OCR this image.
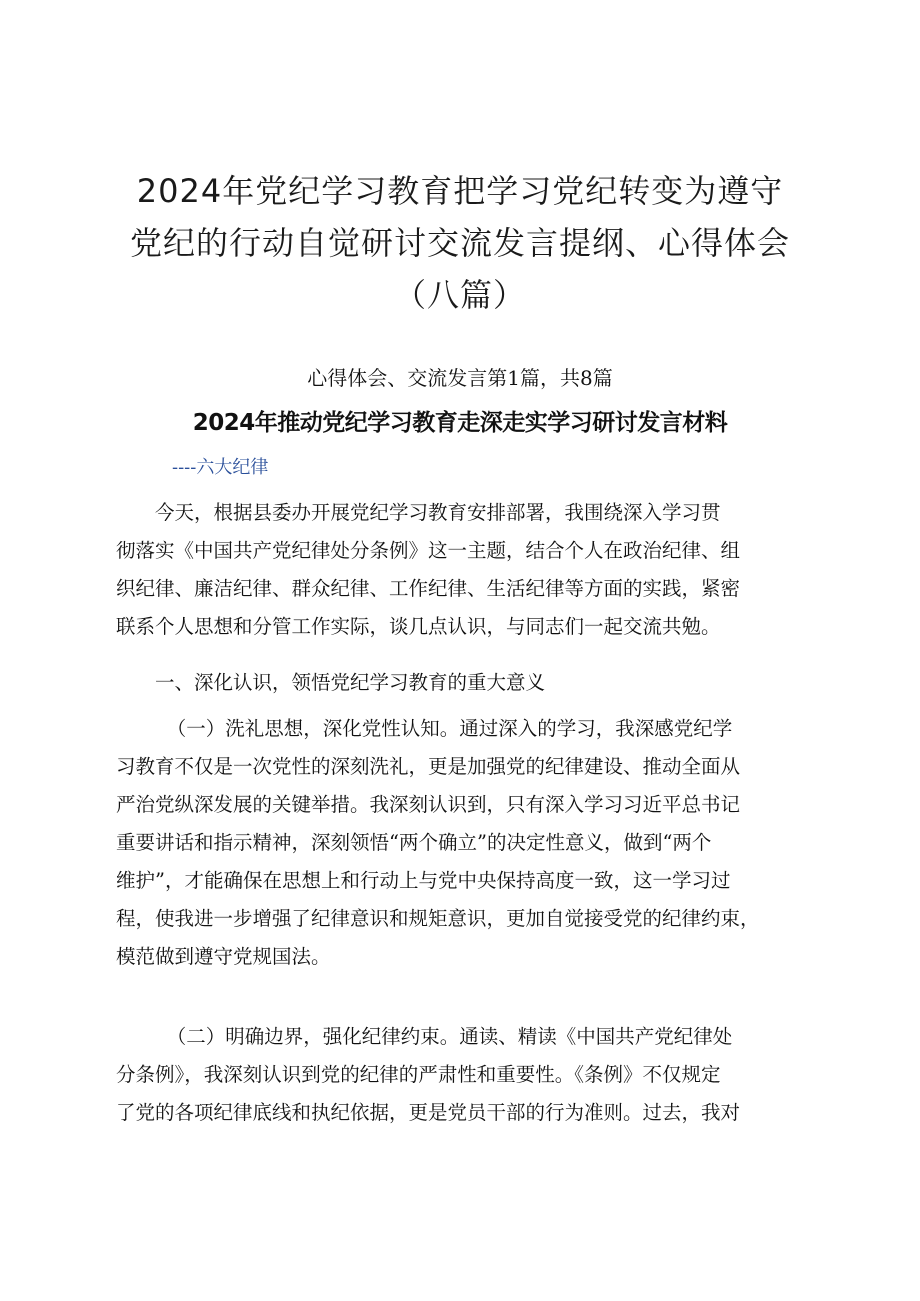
2024年党纪学习教育把学习党纪转变为遵守
党纪的行动自觉研讨交流发言提纲、心得体会
（八篇）
心得体会、交流发言第1篇，共8篇
2024年推动党纪学习教育走深走实学习研讨发言材料
----六大纪律
今天，根据县委办开展党纪学习教育安排部署，我围绕深入学习贯
彻落实《中国共产党纪律处分条例》这一主题，结合个人在政治纪律、组
织纪律、廉洁纪律、群众纪律、工作纪律、生活纪律等方面的实践，紧密
联系个人思想和分管工作实际，谈几点认识，与同志们一起交流共勉。
一、深化认识，领悟党纪学习教育的重大意义
（一）洗礼思想，深化党性认知。通过深入的学习，我深感党纪学
习教育不仅是一次党性的深刻洗礼，更是加强党的纪律建设、推动全面从
严治党纵深发展的关键举措。我深刻认识到，只有深入学习习近平总书记
重要讲话和指示精神，深刻领悟“两个确立”的决定性意义，做到“两个
维护”，才能确保在思想上和行动上与党中央保持高度一致，这一学习过
程，使我进一步增强了纪律意识和规矩意识，更加自觉接受党的纪律约束，
模范做到遵守党规国法。
（二）明确边界，强化纪律约束。通读、精读《中国共产党纪律处
分条例》，我深刻认识到党的纪律的严肃性和重要性。《条例》不仅规定
了党的各项纪律底线和执纪依据，更是党员干部的行为准则。过去，我对
